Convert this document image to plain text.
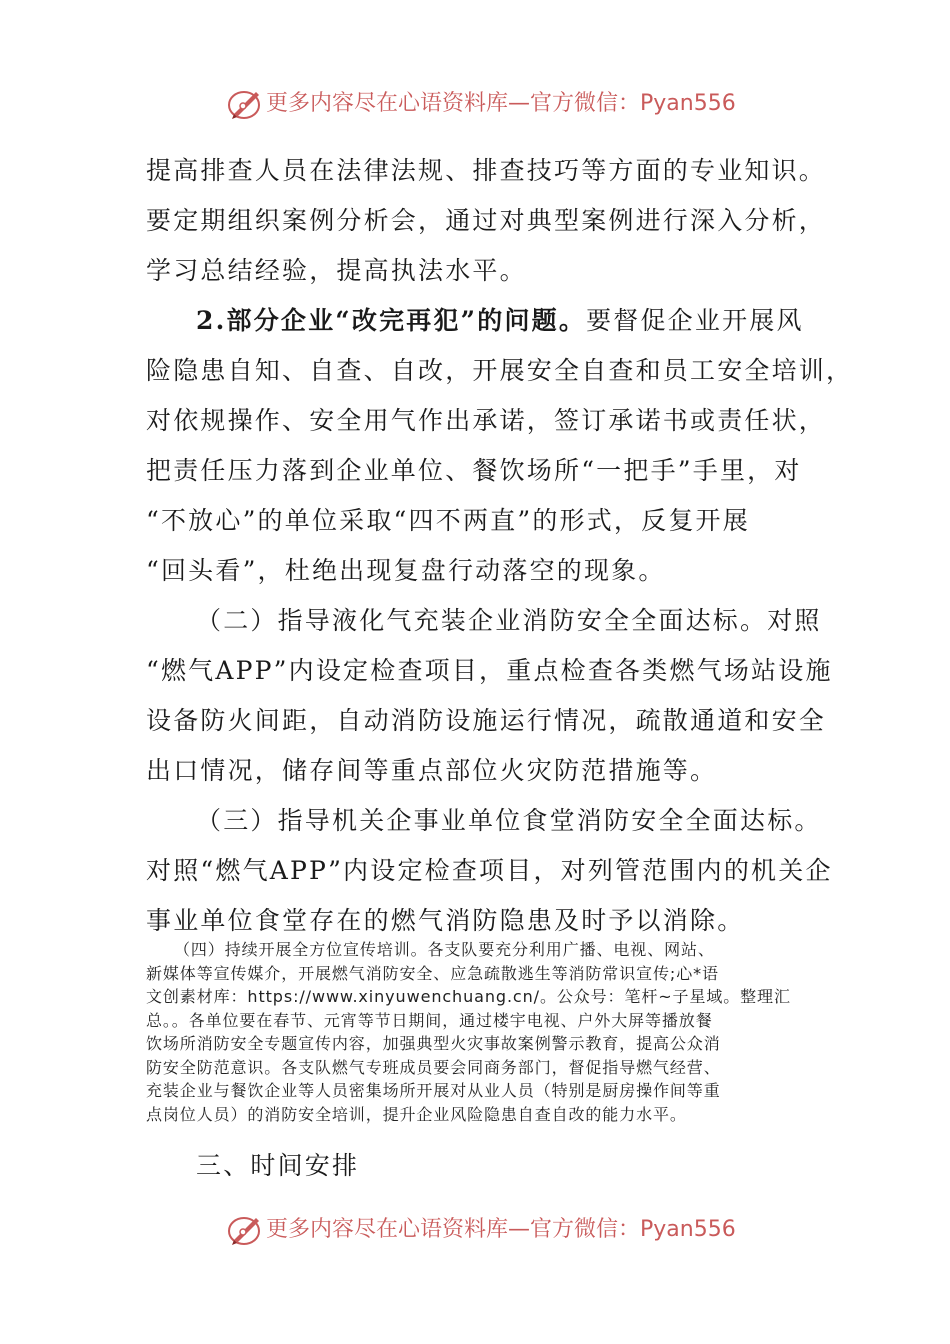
更多内容尽在心语资料库—官方微信：Pyan556

提高排查人员在法律法规、排查技巧等方面的专业知识。

要定期组织案例分析会，通过对典型案例进行深入分析，

学习总结经验，提高执法水平。

2.部分企业“改完再犯”的问题。要督促企业开展风

险隐患自知、自查、自改，开展安全自查和员工安全培训，

对依规操作、安全用气作出承诺，签订承诺书或责任状，

把责任压力落到企业单位、餐饮场所“一把手”手里，对

“不放心”的单位采取“四不两直”的形式，反复开展

“回头看”，杜绝出现复盘行动落空的现象。

（二）指导液化气充装企业消防安全全面达标。对照

“燃气APP”内设定检查项目，重点检查各类燃气场站设施

设备防火间距，自动消防设施运行情况，疏散通道和安全

出口情况，储存间等重点部位火灾防范措施等。

（三）指导机关企事业单位食堂消防安全全面达标。

对照“燃气APP”内设定检查项目，对列管范围内的机关企

事业单位食堂存在的燃气消防隐患及时予以消除。

（四）持续开展全方位宣传培训。各支队要充分利用广播、电视、网站、

新媒体等宣传媒介，开展燃气消防安全、应急疏散逃生等消防常识宣传;心*语

文创素材库：https://www.xinyuwenchuang.cn/。公众号：笔杆~子星域。整理汇

总。。各单位要在春节、元宵等节日期间，通过楼宇电视、户外大屏等播放餐

饮场所消防安全专题宣传内容，加强典型火灾事故案例警示教育，提高公众消

防安全防范意识。各支队燃气专班成员要会同商务部门，督促指导燃气经营、

充装企业与餐饮企业等人员密集场所开展对从业人员（特别是厨房操作间等重

点岗位人员）的消防安全培训，提升企业风险隐患自查自改的能力水平。

三、时间安排
更多内容尽在心语资料库—官方微信：Pyan556
